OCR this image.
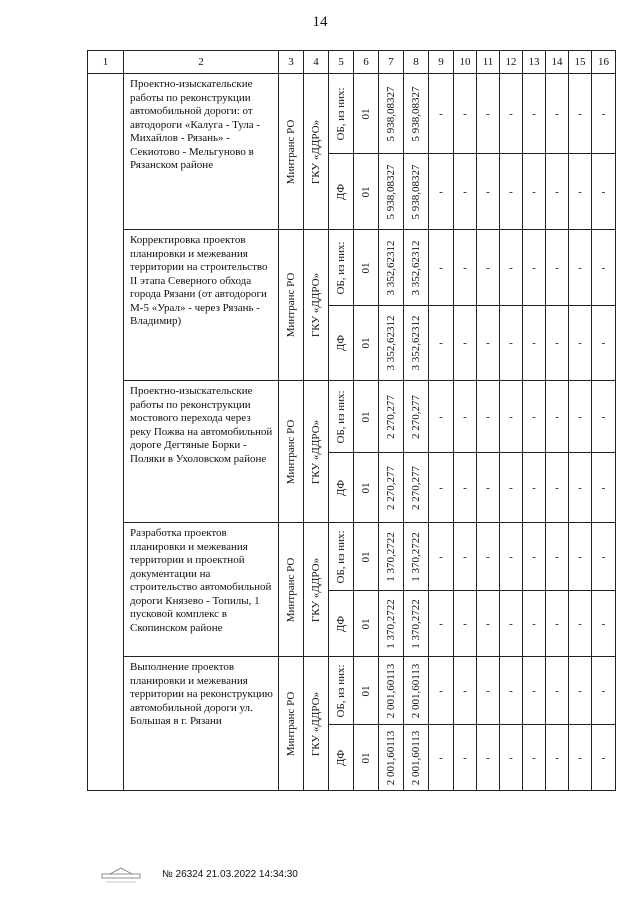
14
1	2	3	4	5	6	7	8	9	10	11	12	13	14	15	16
	Проектно-изыскательские работы по реконструкции автомобильной дороги: от автодороги «Калуга - Тула - Михайлов - Рязань» - Секиотово - Мельгуново в Рязанском районе	Минтранс РО	ГКУ «ДДРО»	ОБ, из них:	01	5 938,08327	5 938,08327	-	-	-	-	-	-	-	-

				ДФ	01	5 938,08327	5 938,08327	-	-	-	-	-	-	-	-
	Корректировка проектов планировки и межевания территории на строительство II этапа Северного обхода города Рязани (от автодороги М-5 «Урал» - через Рязань - Владимир)	Минтранс РО	ГКУ «ДДРО»	ОБ, из них:	01	3 352,62312	3 352,62312	-	-	-	-	-	-	-	-

				ДФ	01	3 352,62312	3 352,62312	-	-	-	-	-	-	-	-
	Проектно-изыскательские работы по реконструкции мостового перехода через реку Пожва на автомобильной дороге Дегтяные Борки - Поляки в Ухоловском районе	Минтранс РО	ГКУ «ДДРО»	ОБ, из них:	01	2 270,277	2 270,277	-	-	-	-	-	-	-	-

				ДФ	01	2 270,277	2 270,277	-	-	-	-	-	-	-	-
	Разработка проектов планировки и межевания территории и проектной документации на строительство автомобильной дороги Князево - Топилы, 1 пусковой комплекс в Скопинском районе	Минтранс РО	ГКУ «ДДРО»	ОБ, из них:	01	1 370,2722	1 370,2722	-	-	-	-	-	-	-	-

				ДФ	01	1 370,2722	1 370,2722	-	-	-	-	-	-	-	-
	Выполнение проектов планировки и межевания территории на реконструкцию автомобильной дороги ул. Большая в г. Рязани	Минтранс РО	ГКУ «ДДРО»	ОБ, из них:	01	2 001,60113	2 001,60113	-	-	-	-	-	-	-	-

				ДФ	01	2 001,60113	2 001,60113	-	-	-	-	-	-	-	-
№ 26324 21.03.2022 14:34:30
